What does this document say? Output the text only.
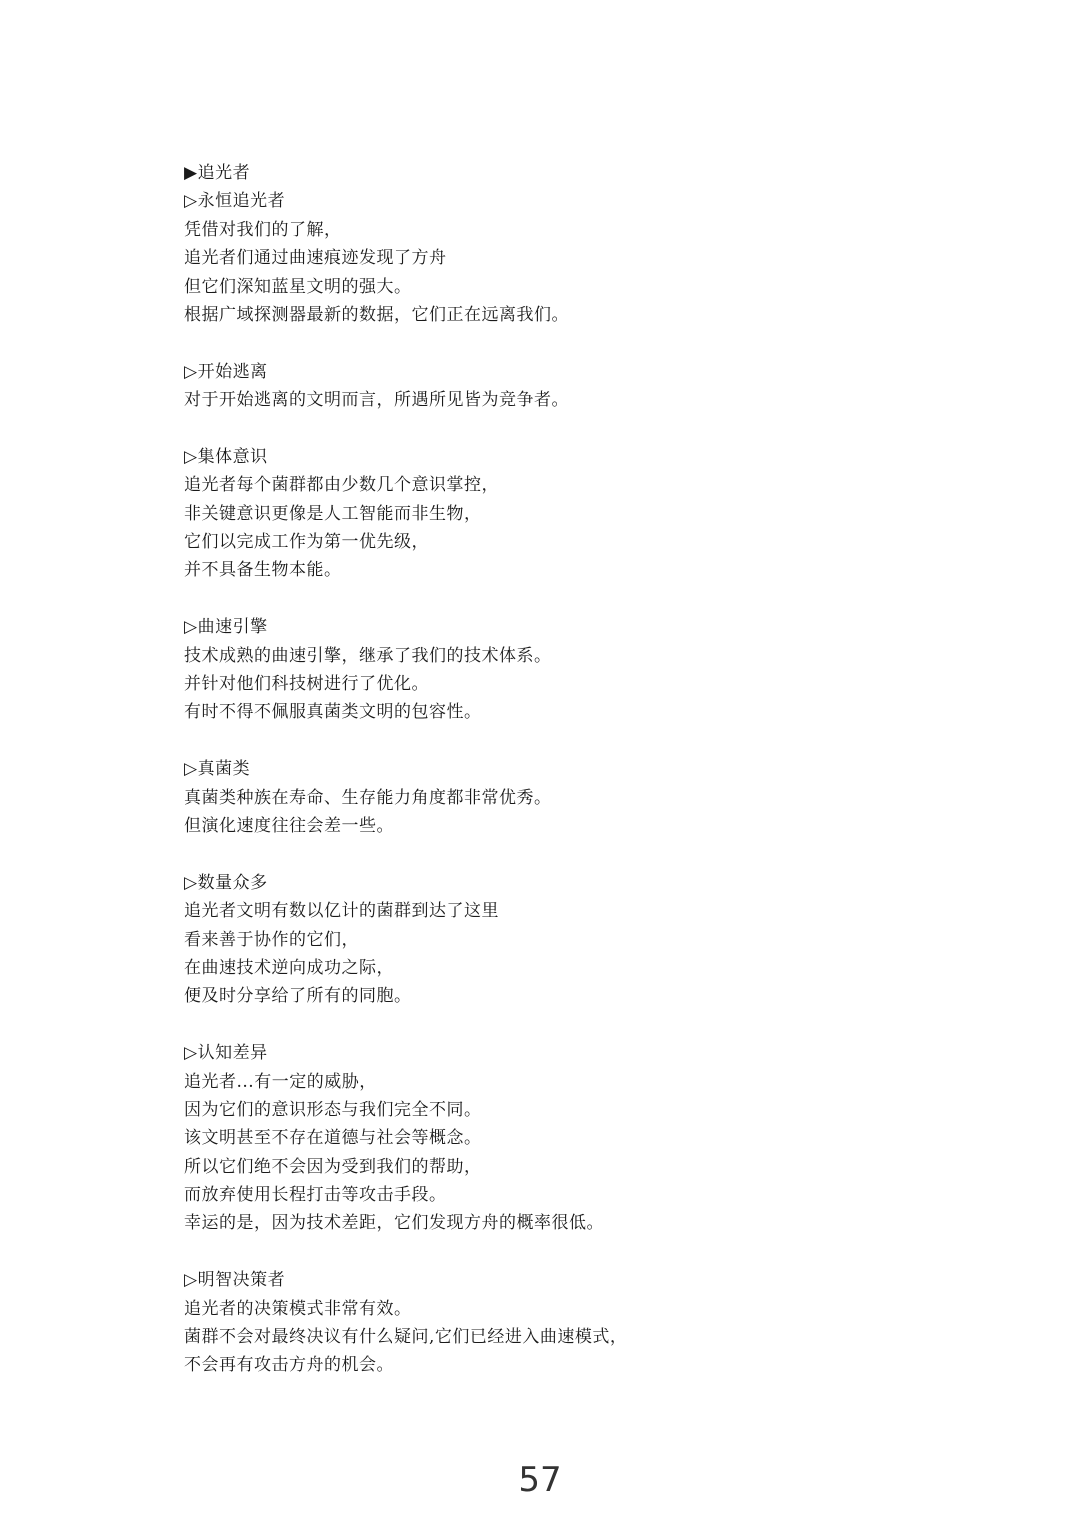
▶追光者
▷永恒追光者
凭借对我们的了解，
追光者们通过曲速痕迹发现了方舟
但它们深知蓝星文明的强大。
根据广域探测器最新的数据，它们正在远离我们。
▷开始逃离
对于开始逃离的文明而言，所遇所见皆为竞争者。
▷集体意识
追光者每个菌群都由少数几个意识掌控，
非关键意识更像是人工智能而非生物，
它们以完成工作为第一优先级，
并不具备生物本能。
▷曲速引擎
技术成熟的曲速引擎，继承了我们的技术体系。
并针对他们科技树进行了优化。
有时不得不佩服真菌类文明的包容性。
▷真菌类
真菌类种族在寿命、生存能力角度都非常优秀。
但演化速度往往会差一些。
▷数量众多
追光者文明有数以亿计的菌群到达了这里
看来善于协作的它们，
在曲速技术逆向成功之际，
便及时分享给了所有的同胞。
▷认知差异
追光者...有一定的威胁，
因为它们的意识形态与我们完全不同。
该文明甚至不存在道德与社会等概念。
所以它们绝不会因为受到我们的帮助，
而放弃使用长程打击等攻击手段。
幸运的是，因为技术差距，它们发现方舟的概率很低。
▷明智决策者
追光者的决策模式非常有效。
菌群不会对最终决议有什么疑问,它们已经进入曲速模式，
不会再有攻击方舟的机会。
57
